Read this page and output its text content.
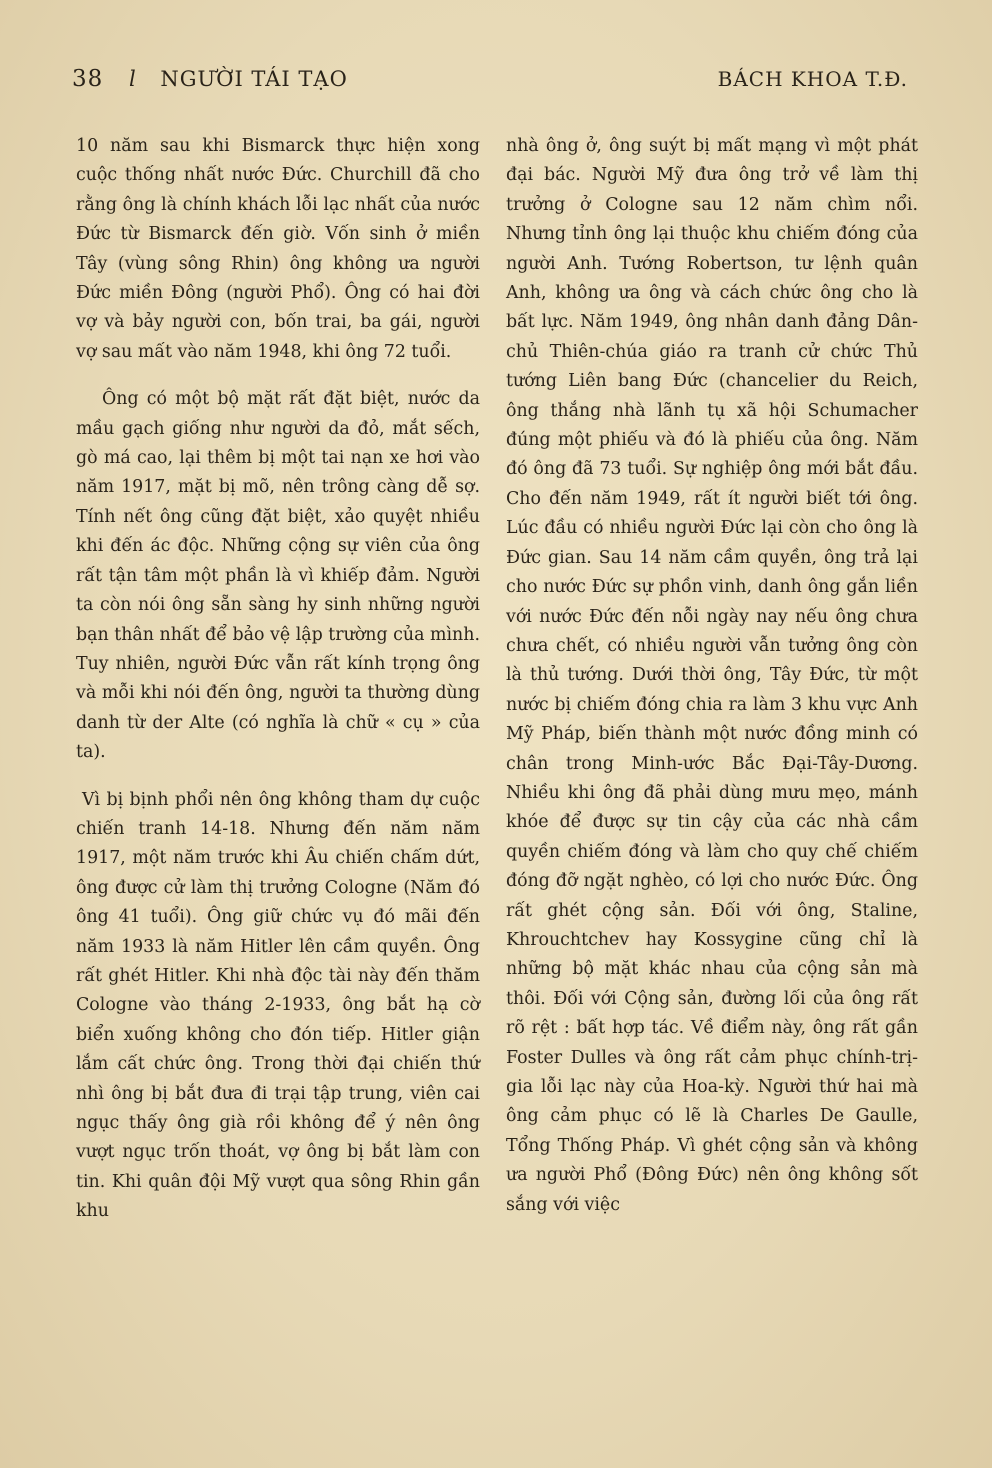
38 l NGƯỜI TÁI TẠO	BÁCH KHOA T.Đ.

10 năm sau khi Bismarck thực hiện xong cuộc thống nhất nước Đức. Churchill đã cho rằng ông là chính khách lỗi lạc nhất của nước Đức từ Bismarck đến giờ. Vốn sinh ở miền Tây (vùng sông Rhin) ông không ưa người Đức miền Đông (người Phổ). Ông có hai đời vợ và bảy người con, bốn trai, ba gái, người vợ sau mất vào năm 1948, khi ông 72 tuổi.

Ông có một bộ mặt rất đặt biệt, nước da mầu gạch giống như người da đỏ, mắt sếch, gò má cao, lại thêm bị một tai nạn xe hơi vào năm 1917, mặt bị mõ, nên trông càng dễ sợ. Tính nết ông cũng đặt biệt, xảo quyệt nhiều khi đến ác độc. Những cộng sự viên của ông rất tận tâm một phần là vì khiếp đảm. Người ta còn nói ông sẵn sàng hy sinh những người bạn thân nhất để bảo vệ lập trường của mình. Tuy nhiên, người Đức vẫn rất kính trọng ông và mỗi khi nói đến ông, người ta thường dùng danh từ der Alte (có nghĩa là chữ « cụ » của ta).

Vì bị bịnh phổi nên ông không tham dự cuộc chiến tranh 14-18. Nhưng đến năm năm 1917, một năm trước khi Âu chiến chấm dứt, ông được cử làm thị trưởng Cologne (Năm đó ông 41 tuổi). Ông giữ chức vụ đó mãi đến năm 1933 là năm Hitler lên cầm quyền. Ông rất ghét Hitler. Khi nhà độc tài này đến thăm Cologne vào tháng 2-1933, ông bắt hạ cờ biển xuống không cho đón tiếp. Hitler giận lắm cất chức ông. Trong thời đại chiến thứ nhì ông bị bắt đưa đi trại tập trung, viên cai ngục thấy ông già rồi không để ý nên ông vượt ngục trốn thoát, vợ ông bị bắt làm con tin. Khi quân đội Mỹ vượt qua sông Rhin gần khu

nhà ông ở, ông suýt bị mất mạng vì một phát đại bác. Người Mỹ đưa ông trở về làm thị trưởng ở Cologne sau 12 năm chìm nổi. Nhưng tỉnh ông lại thuộc khu chiếm đóng của người Anh. Tướng Robertson, tư lệnh quân Anh, không ưa ông và cách chức ông cho là bất lực. Năm 1949, ông nhân danh đảng Dân-chủ Thiên-chúa giáo ra tranh cử chức Thủ tướng Liên bang Đức (chancelier du Reich, ông thắng nhà lãnh tụ xã hội Schumacher đúng một phiếu và đó là phiếu của ông. Năm đó ông đã 73 tuổi. Sự nghiệp ông mới bắt đầu. Cho đến năm 1949, rất ít người biết tới ông. Lúc đầu có nhiều người Đức lại còn cho ông là Đức gian. Sau 14 năm cầm quyền, ông trả lại cho nước Đức sự phồn vinh, danh ông gắn liền với nước Đức đến nỗi ngày nay nếu ông chưa chưa chết, có nhiều người vẫn tưởng ông còn là thủ tướng. Dưới thời ông, Tây Đức, từ một nước bị chiếm đóng chia ra làm 3 khu vực Anh Mỹ Pháp, biến thành một nước đồng minh có chân trong Minh-ước Bắc Đại-Tây-Dương. Nhiều khi ông đã phải dùng mưu mẹo, mánh khóe để được sự tin cậy của các nhà cầm quyền chiếm đóng và làm cho quy chế chiếm đóng đỡ ngặt nghèo, có lợi cho nước Đức. Ông rất ghét cộng sản. Đối với ông, Staline, Khrouchtchev hay Kossygine cũng chỉ là những bộ mặt khác nhau của cộng sản mà thôi. Đối với Cộng sản, đường lối của ông rất rõ rệt : bất hợp tác. Về điểm này, ông rất gần Foster Dulles và ông rất cảm phục chính-trị-gia lỗi lạc này của Hoa-kỳ. Người thứ hai mà ông cảm phục có lẽ là Charles De Gaulle, Tổng Thống Pháp. Vì ghét cộng sản và không ưa người Phổ (Đông Đức) nên ông không sốt sắng với việc
